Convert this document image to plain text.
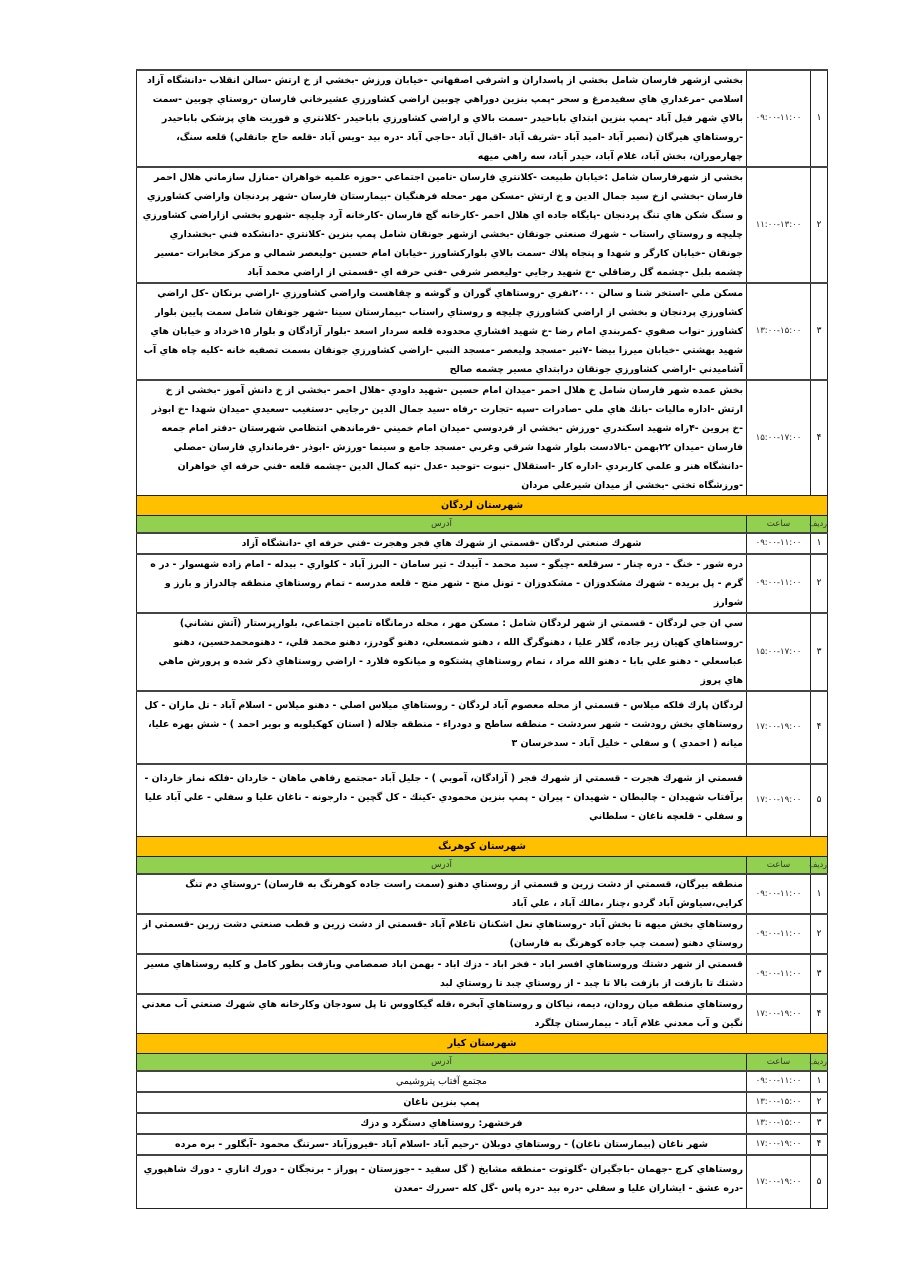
۱	۰۹:۰۰-۱۱:۰۰	بخشي ازشهر فارسان شامل بخشي از پاسداران و اشرفي اصفهاني -خيابان ورزش -بخشي از خ ارتش -سالن انقلاب -دانشگاه آزاد اسلامي -مرغداري هاي سفيدمرغ و سحر -پمپ بنزين دوراهي چوبين اراضي كشاورزي عشيرخاني فارسان -روستاي چوبين -سمت بالاي شهر فيل آباد -پمپ بنزين ابتداي باباحيدر -سمت بالاي و اراضي كشاورزي باباحيدر -كلانتري و فوريت هاي پزشكي باباحيدر -روستاهاي هيرگان (نصير آباد -اميد آباد -شريف آباد -اقبال آباد -حاجي آباد -دره بيد -ويس آباد -قلعه حاج جانقلي) قلعه سنگ، چهارموران، بخش آباد، غلام آباد، حيدر آباد، سه راهي ميهه
۲	۱۱:۰۰-۱۳:۰۰	بخشي از شهرفارسان شامل :خيابان طبيعت -كلانتري فارسان -تامين اجتماعي -حوزه علميه خواهران -منازل سازماني هلال احمر فارسان -بخشي ازخ سيد جمال الدين و خ ارتش -مسكن مهر -محله فرهنگيان -بيمارستان فارسان -شهر پردنجان واراضي كشاورزي و سنگ شكن هاي تنگ پردنجان -پايگاه جاده اي هلال احمر -كارخانه گچ فارسان -كارخانه آرد چليچه -شهرو بخشي ازاراضي كشاورزي چليچه و روستاي راستاب - شهرك صنعتي جونقان -بخشي ازشهر جونقان شامل پمپ بنزين -كلانتري -دانشكده فني -بخشداري جونقان -خيابان كارگر و شهدا و پنجاه پلاك -سمت بالاي بلواركشاورز -خيابان امام حسين -وليعصر شمالي و مركز مخابرات -مسير چشمه بلبل -چشمه گل رضاقلي -خ شهيد رجايي -وليعصر شرقي -فني حرفه اي -قسمتي از اراضي محمد آباد
۳	۱۳:۰۰-۱۵:۰۰	مسكن ملي -استخر شنا و سالن ۲۰۰۰نفري -روستاهاي گوران و گوشه و چقاهست واراضي كشاورزي -اراضي برنكان -كل اراضي كشاورزي پردنجان و بخشي از اراضي كشاورزي چليچه و روستاي راستاب -بيمارستان سينا -شهر جونقان شامل سمت پايين بلوار كشاورز -نواب صفوي -كمربندي امام رضا -خ شهيد افشاري محدوده قلعه سردار اسعد -بلوار آزادگان و بلوار ۱۵خرداد و خيابان هاي شهيد بهشتي -خيابان ميرزا بيضا -۷تير -مسجد وليعصر -مسجد النبي -اراضي كشاورزي جونقان بسمت تصفيه خانه -كليه چاه هاي آب آشاميدني -اراضي كشاورزي جونقان درابتداي مسير چشمه صالح
۴	۱۵:۰۰-۱۷:۰۰	بخش عمده شهر فارسان شامل خ هلال احمر -ميدان امام حسين -شهيد داودي -هلال احمر -بخشي از خ دانش آموز -بخشي از خ ارتش -اداره ماليات -بانك هاي ملي -صادرات -سپه -تجارت -رفاه -سيد جمال الدين -رجايي -دستغيب -سعيدي -ميدان شهدا -خ ابوذر -خ پروين -۴راه شهيد اسكندري -ورزش -بخشي از فردوسي -ميدان امام خميني -فرماندهي انتظامي شهرستان -دفتر امام جمعه فارسان -ميدان ۲۲بهمن -بالادست بلوار شهدا شرقي وغربي -مسجد جامع و سينما -ورزش -ابوذر -فرمانداري فارسان -مصلي -دانشگاه هنر و علمي كاربردي -اداره كار -استقلال -نبوت -توحيد -عدل -تپه كمال الدين -چشمه قلعه -فني حرفه اي خواهران -ورزشگاه تختي -بخشي از ميدان شيرعلي مردان
شهرستان لردگان		
ردیف	ساعت	آدرس
۱	۰۹:۰۰-۱۱:۰۰	شهرك صنعتي لردگان -قسمتي از شهرك هاي فجر وهجرت -فني حرفه اي -دانشگاه آزاد
۲	۰۹:۰۰-۱۱:۰۰	دره شور - خنگ - دره چنار - سرقلعه -چيگو - سيد محمد - آبيدك - تير سامان - البرز آباد - كلواري - بيدله - امام زاده شهسوار - در ه گرم - پل بريده - شهرك مشكدوزان - مشكدوزان - تونل منج - شهر منج - قلعه مدرسه - تمام روستاهاي منطقه چالدراز و بارز و شوارز
۳	۱۵:۰۰-۱۷:۰۰	سي ان جي لردگان - قسمتي از شهر لردگان شامل : مسكن مهر ، محله درمانگاه تامين اجتماعي، بلوارپرستار (آتش نشاني) -روستاهاي كهيان زير جاده، گلار عليا ، دهنوگرگ الله ، دهنو شمسعلي، دهنو گودرز، دهنو محمد قلي، - دهنومحمدحسين، دهنو عباسعلي - دهنو علي بابا - دهنو الله مراد ، تمام روستاهاي پشتكوه و ميانكوه فلارد - اراضي روستاهاي ذكر شده و پرورش ماهي هاي پروز
۴	۱۷:۰۰-۱۹:۰۰	لردگان پارك فلكه ميلاس - قسمتي از محله معصوم آباد لردگان - روستاهاي ميلاس اصلي - دهنو ميلاس - اسلام آباد - تل ماران - كل روستاهاي بخش رودشت - شهر سردشت - منطقه ساطح و دودراء - منطقه جلاله ( استان كهكيلويه و بوير احمد ) - شش بهره عليا، ميانه ( احمدي ) و سفلي - خليل آباد - سدخرسان ۳
۵	۱۷:۰۰-۱۹:۰۰	قسمتي از شهرك هجرت - قسمتي از شهرك فجر ( آزادگان، آموبي ) - جليل آباد -مجتمع رفاهي ماهان - خاردان -فلكه نماز خاردان - برآفتاب شهيدان - چالبطان - شهيدان - پيران - پمپ بنزين محمودي -كينك - كل گچين - دارجونه - ناغان عليا و سفلي - علي آباد عليا و سفلي - قلعچه ناغان - سلطاني
شهرستان كوهرنگ		
ردیف	ساعت	آدرس
۱	۰۹:۰۰-۱۱:۰۰	منطقه بيرگان، قسمتي از دشت زرين و قسمتي از روستاي دهنو (سمت راست جاده كوهرنگ به فارسان) -روستاي دم تنگ كرايي،سياوش آباد گردو ،چنار ،مالك آباد ، علي آباد
۲	۰۹:۰۰-۱۱:۰۰	روستاهاي بخش ميهه تا بخش آباد -روستاهاي نعل اشكنان تاغلام آباد -قسمتي از دشت زرين و قطب صنعتي دشت زرين -قسمتي از روستاي دهنو (سمت چپ جاده كوهرنگ به فارسان)
۳	۰۹:۰۰-۱۱:۰۰	قسمتي از شهر دشتك وروستاهاي افسر اباد - فخر اباد - دزك اباد - بهمن اباد صمصامي وبازفت بطور كامل و كليه روستاهاي مسير دشتك تا بازفت از بازفت بالا تا چبد - از روستاي چبد تا روستاي لبد
۴	۱۷:۰۰-۱۹:۰۰	روستاهاي منطقه ميان رودان، ديمه، نياكان و روستاهاي آبخره ،قله گيكاووس تا پل سودجان وكارخانه هاي شهرك صنعتي آب معدني نگين و آب معدني غلام آباد - بيمارستان چلگرد
شهرستان كيار		
ردیف	ساعت	آدرس
۱	۰۹:۰۰-۱۱:۰۰	مجتمع آفتاب پتروشيمي
۲	۱۳:۰۰-۱۵:۰۰	پمپ بنزين ناغان
۳	۱۳:۰۰-۱۵:۰۰	فرخشهر: روستاهاي دستگرد و دزك
۴	۱۷:۰۰-۱۹:۰۰	شهر ناغان (بيمارستان ناغان) - روستاهاي دوبلان -رحيم آباد -اسلام آباد -فيروزآباد -سرتنگ محمود -آبگلور - بره مرده
۵	۱۷:۰۰-۱۹:۰۰	روستاهاي كرچ -جهمان -باجگيران -گلوتوت -منطقه مشايخ ( گل سفيد - -جوزستان - پوراز - برنجگان - دورك اناري - دورك شاهپوري -دره عشق - ايشاران عليا و سفلي -دره بيد -دره پاس -گل كله -سررك -معدن
